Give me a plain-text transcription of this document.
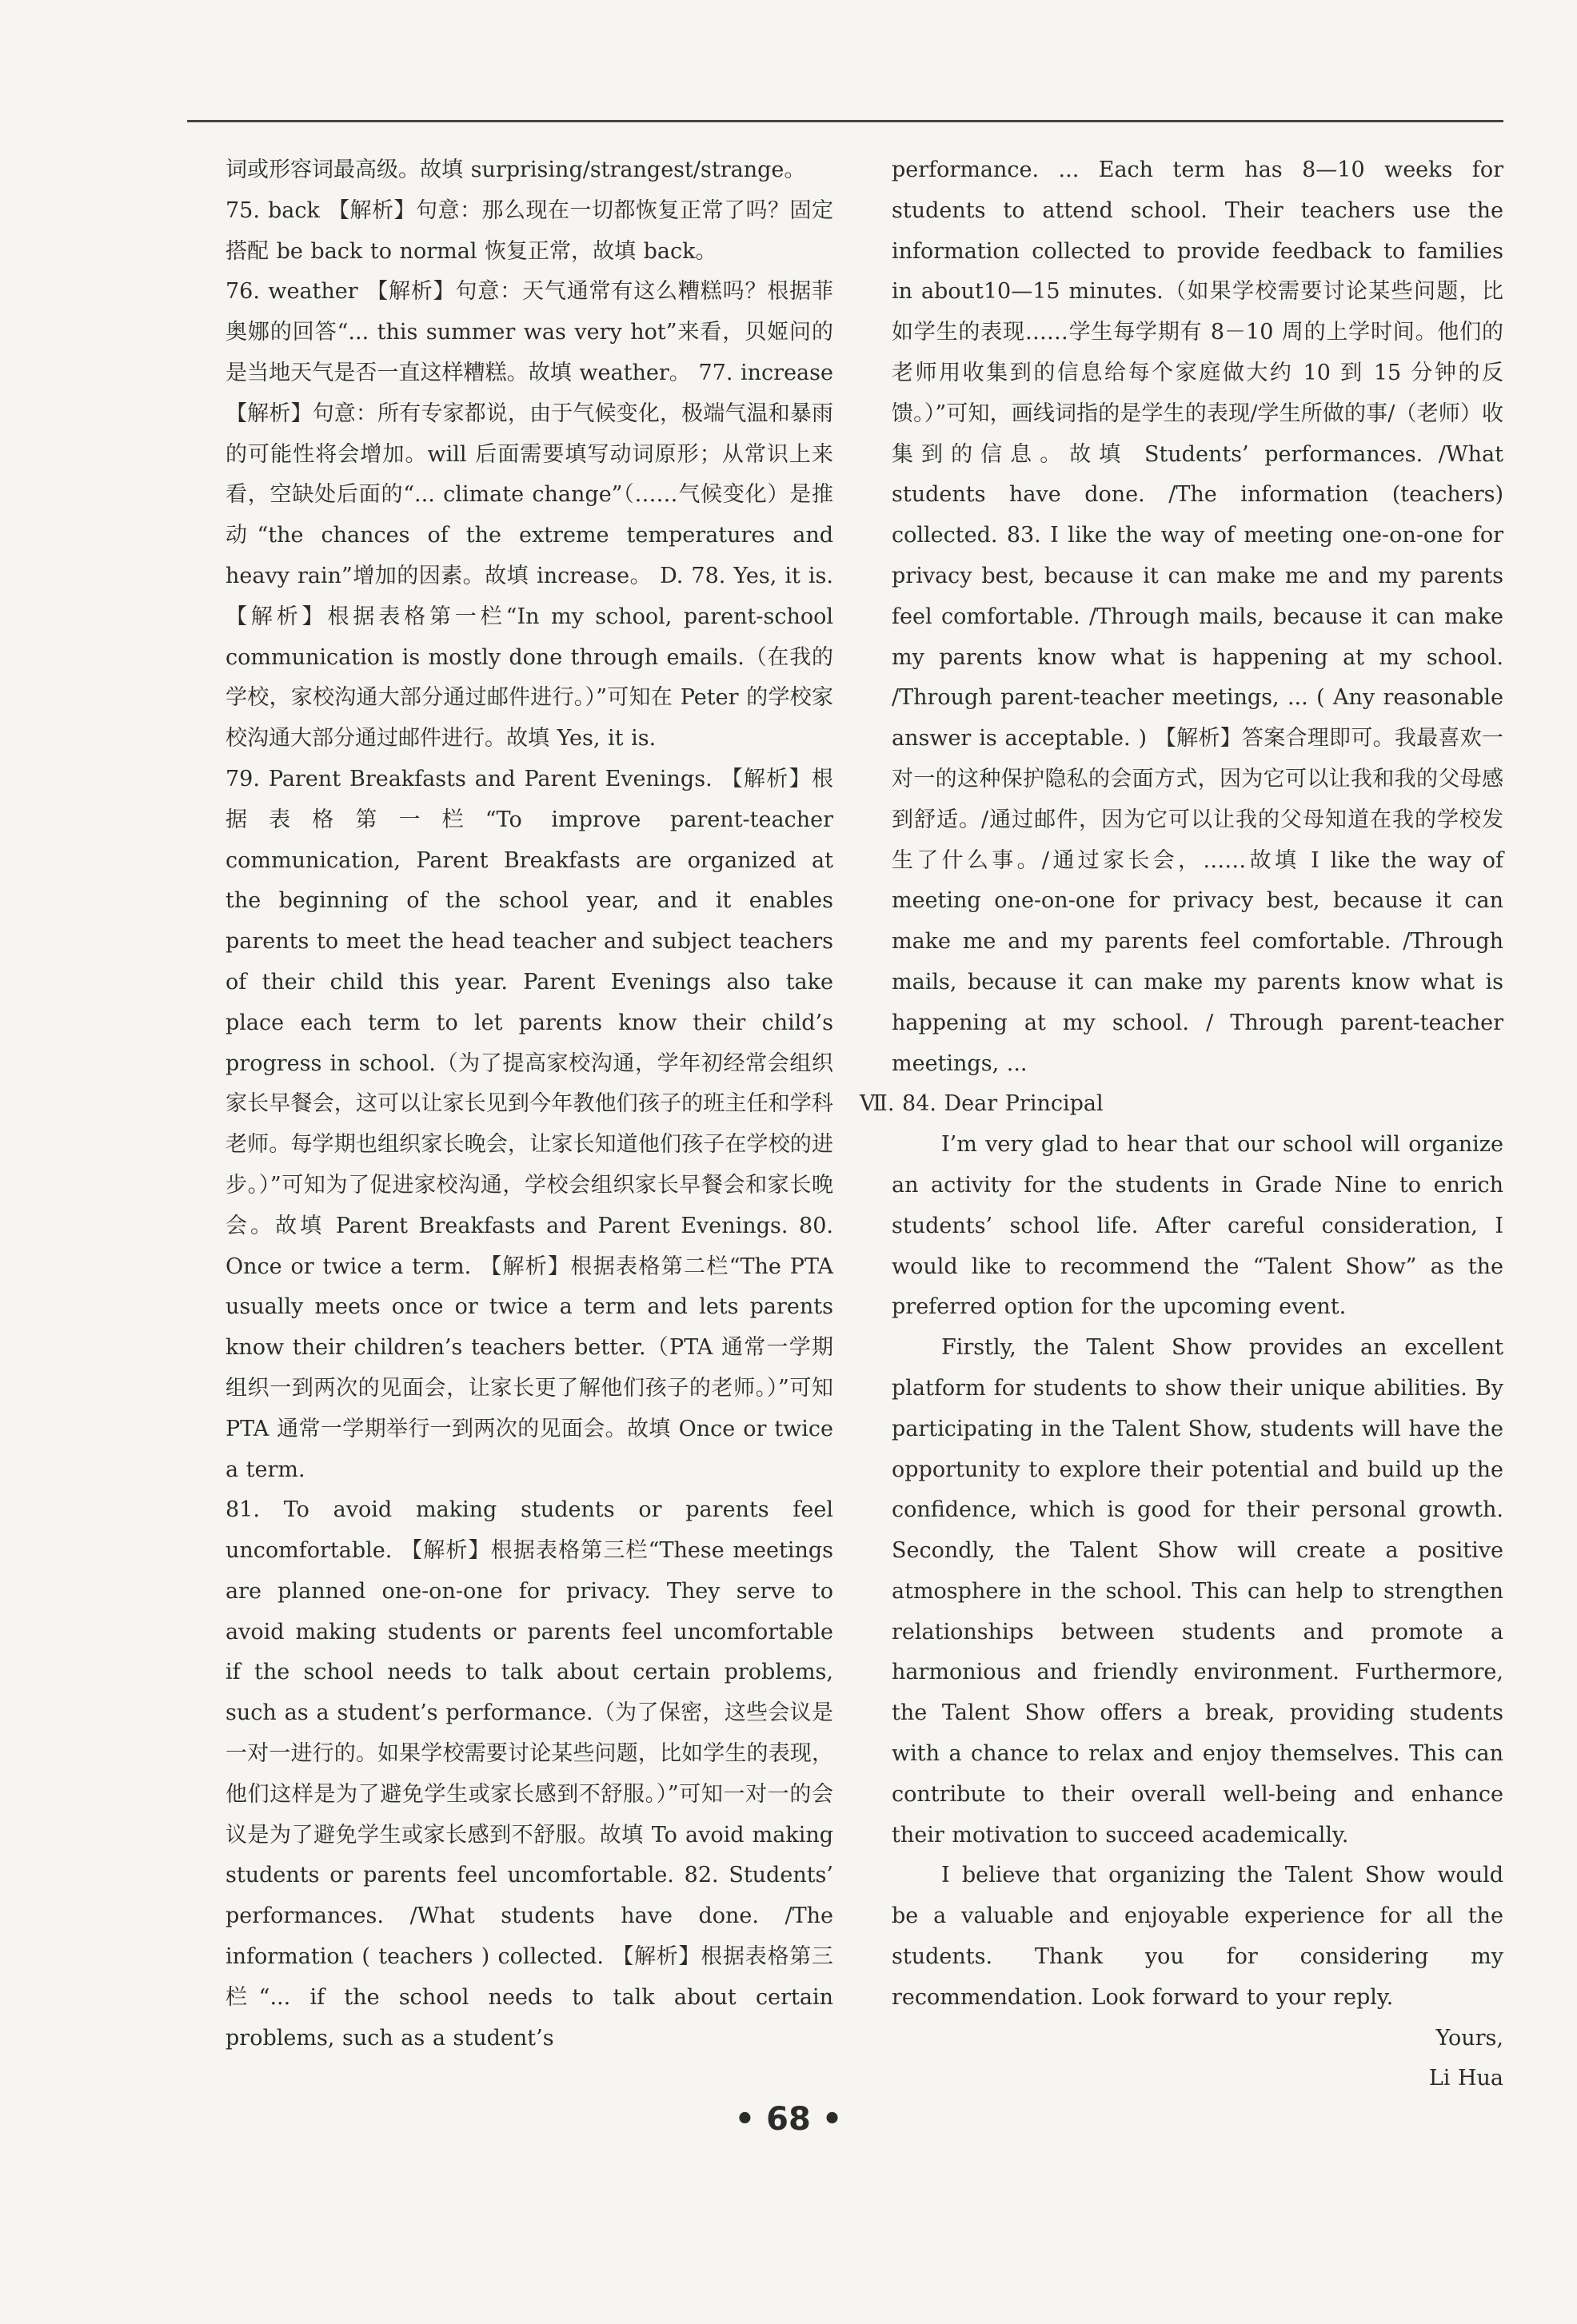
词或形容词最高级。故填 surprising/strangest/strange。

75. back 【解析】句意：那么现在一切都恢复正常了吗？固定搭配 be back to normal 恢复正常，故填 back。

76. weather 【解析】句意：天气通常有这么糟糕吗？根据菲奥娜的回答“... this summer was very hot”来看，贝姬问的是当地天气是否一直这样糟糕。故填 weather。 77. increase 【解析】句意：所有专家都说，由于气候变化，极端气温和暴雨的可能性将会增加。will 后面需要填写动词原形；从常识上来看，空缺处后面的“... climate change”（……气候变化）是推动“the chances of the extreme temperatures and heavy rain”增加的因素。故填 increase。 D. 78. Yes, it is. 【解析】根据表格第一栏“In my school, parent-school communication is mostly done through emails.（在我的学校，家校沟通大部分通过邮件进行。）”可知在 Peter 的学校家校沟通大部分通过邮件进行。故填 Yes, it is.

79. Parent Breakfasts and Parent Evenings. 【解析】根据表格第一栏“To improve parent-teacher communication, Parent Breakfasts are organized at the beginning of the school year, and it enables parents to meet the head teacher and subject teachers of their child this year. Parent Evenings also take place each term to let parents know their child’s progress in school.（为了提高家校沟通，学年初经常会组织家长早餐会，这可以让家长见到今年教他们孩子的班主任和学科老师。每学期也组织家长晚会，让家长知道他们孩子在学校的进步。）”可知为了促进家校沟通，学校会组织家长早餐会和家长晚会。故填 Parent Breakfasts and Parent Evenings. 80. Once or twice a term. 【解析】根据表格第二栏“The PTA usually meets once or twice a term and lets parents know their children’s teachers better.（PTA 通常一学期组织一到两次的见面会，让家长更了解他们孩子的老师。）”可知 PTA 通常一学期举行一到两次的见面会。故填 Once or twice a term.

81. To avoid making students or parents feel uncomfortable. 【解析】根据表格第三栏“These meetings are planned one-on-one for privacy. They serve to avoid making students or parents feel uncomfortable if the school needs to talk about certain problems, such as a student’s performance.（为了保密，这些会议是一对一进行的。如果学校需要讨论某些问题，比如学生的表现，他们这样是为了避免学生或家长感到不舒服。）”可知一对一的会议是为了避免学生或家长感到不舒服。故填 To avoid making students or parents feel uncomfortable. 82. Students’ performances. /What students have done. /The information ( teachers ) collected. 【解析】根据表格第三栏“... if the school needs to talk about certain problems, such as a student’s

performance. ... Each term has 8—10 weeks for students to attend school. Their teachers use the information collected to provide feedback to families in about10—15 minutes.（如果学校需要讨论某些问题，比如学生的表现……学生每学期有 8－10 周的上学时间。他们的老师用收集到的信息给每个家庭做大约 10 到 15 分钟的反馈。）”可知，画线词指的是学生的表现/学生所做的事/（老师）收集到的信息。故填 Students’ performances. /What students have done. /The information (teachers) collected. 83. I like the way of meeting one-on-one for privacy best, because it can make me and my parents feel comfortable. /Through mails, because it can make my parents know what is happening at my school. /Through parent-teacher meetings, ... ( Any reasonable answer is acceptable. ) 【解析】答案合理即可。我最喜欢一对一的这种保护隐私的会面方式，因为它可以让我和我的父母感到舒适。/通过邮件，因为它可以让我的父母知道在我的学校发生了什么事。/通过家长会，……故填 I like the way of meeting one-on-one for privacy best, because it can make me and my parents feel comfortable. /Through mails, because it can make my parents know what is happening at my school. / Through parent-teacher meetings, ...

Ⅶ. 84. Dear Principal

I’m very glad to hear that our school will organize an activity for the students in Grade Nine to enrich students’ school life. After careful consideration, I would like to recommend the “Talent Show” as the preferred option for the upcoming event.

Firstly, the Talent Show provides an excellent platform for students to show their unique abilities. By participating in the Talent Show, students will have the opportunity to explore their potential and build up the confidence, which is good for their personal growth. Secondly, the Talent Show will create a positive atmosphere in the school. This can help to strengthen relationships between students and promote a harmonious and friendly environment. Furthermore, the Talent Show offers a break, providing students with a chance to relax and enjoy themselves. This can contribute to their overall well-being and enhance their motivation to succeed academically.

I believe that organizing the Talent Show would be a valuable and enjoyable experience for all the students. Thank you for considering my recommendation. Look forward to your reply.

Yours,

Li Hua

• 68 •
